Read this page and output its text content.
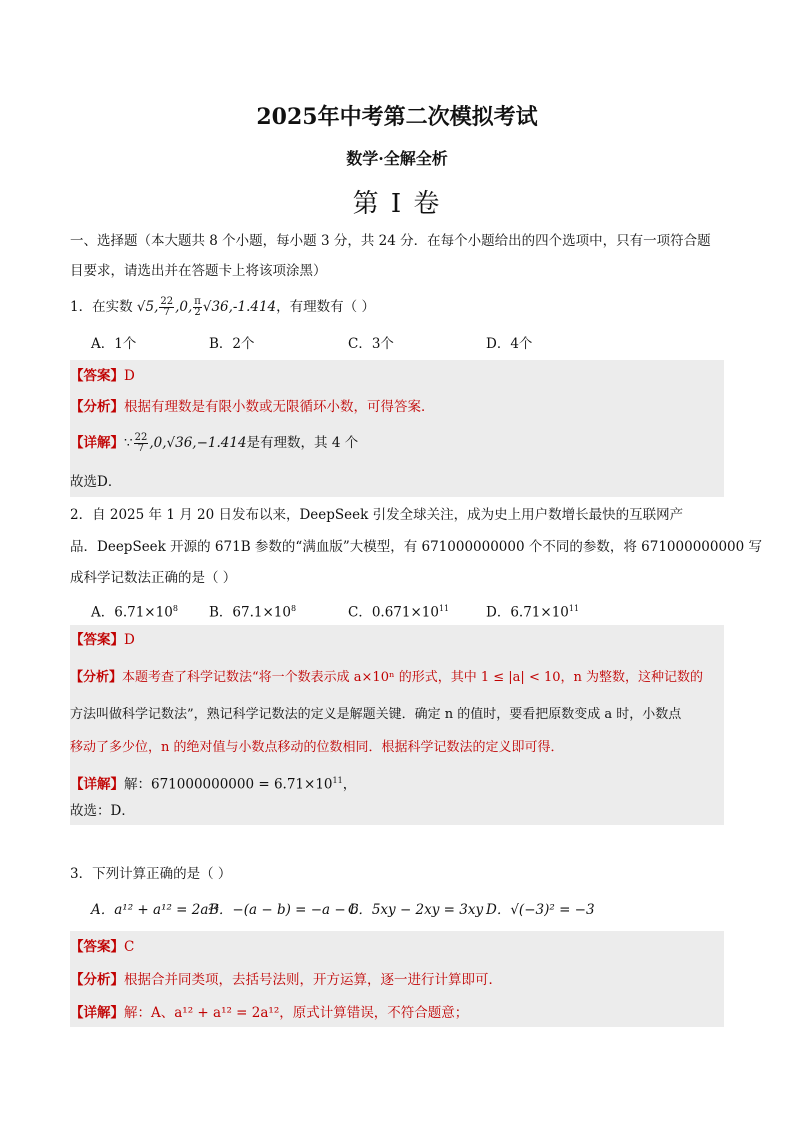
2025年中考第二次模拟考试
数学·全解全析
第 I 卷
一、选择题（本大题共 8 个小题，每小题 3 分，共 24 分．在每个小题给出的四个选项中，只有一项符合题
目要求，请选出并在答题卡上将该项涂黑）
1．在实数 √5, $\frac{22}{7} ,0$, $\frac{\pi}{2} √36,-1.414$，有理数有（ ）
A．1个	B．2个	C．3个	D．4个
【答案】D
【分析】根据有理数是有限小数或无限循环小数，可得答案．
【详解】∵ $\frac{22}{7} ,0,√36,-1.414$是有理数，其 4 个
故选D．
2．自 2025 年 1 月 20 日发布以来，DeepSeek 引发全球关注，成为史上用户数增长最快的互联网产
品．DeepSeek 开源的 671B 参数的“满血版”大模型，有 671000000000 个不同的参数，将 671000000000 写
成科学记数法正确的是（ ）
A．$6.71\times 10^8$ B．$67.1\times 10^8$	C．$0.671\times 10^{11}$	D．$6.71\times 10^{11}$
【答案】D
【分析】本题考查了科学记数法“将一个数表示成 a×10ⁿ 的形式，其中 1 ≤ |a| < 10，n 为整数，这种记数的
方法叫做科学记数法”，熟记科学记数法的定义是解题关键．确定 n 的值时，要看把原数变成 a 时，小数点
移动了多少位，n 的绝对值与小数点移动的位数相同．根据科学记数法的定义即可得．
【详解】解：$671000000000 = 6.71\times 10^{11}$，
故选：D．
3．下列计算正确的是（ ）
A．a¹² + a¹² = 2a²⁴
B．−(a − b) = −a − b
C．5xy − 2xy = 3xy D．√(−3)² = −3
【答案】C
【分析】根据合并同类项，去括号法则，开方运算，逐一进行计算即可．
【详解】解：A、a¹² + a¹² = 2a¹²，原式计算错误，不符合题意；
